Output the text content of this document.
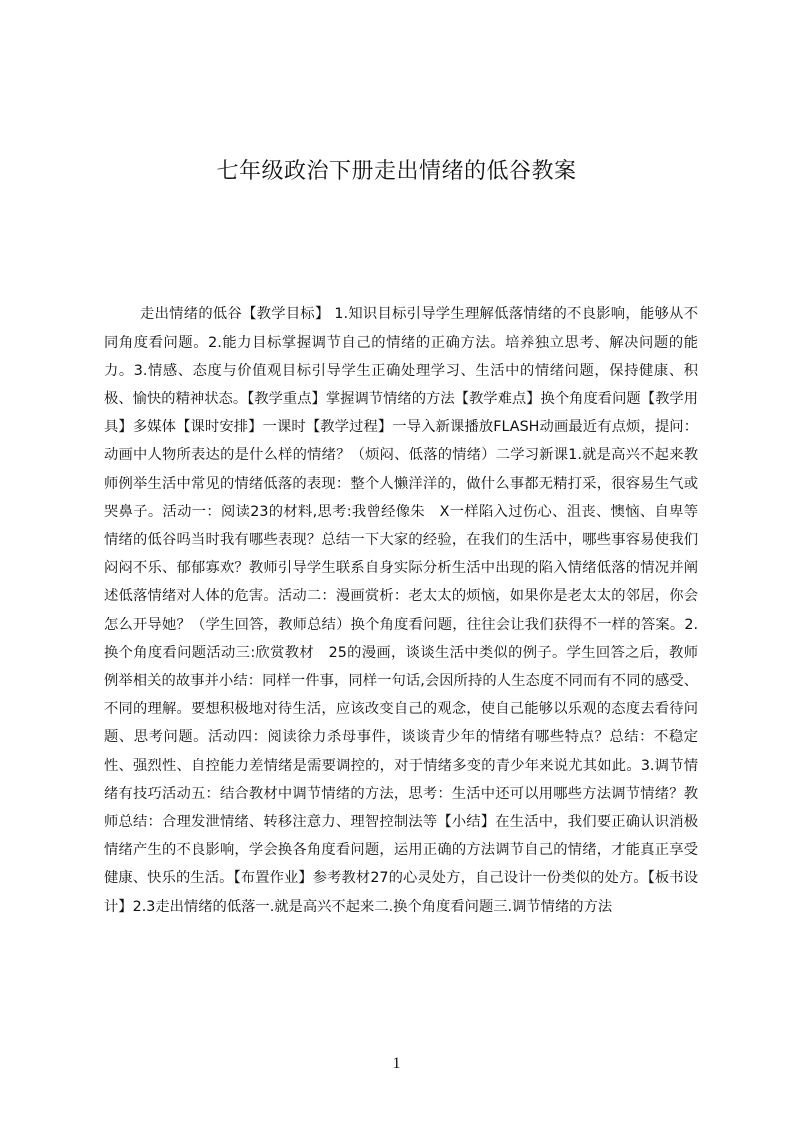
七年级政治下册走出情绪的低谷教案

走出情绪的低谷【教学目标】 1.知识目标引导学生理解低落情绪的不良影响，能够从不同角度看问题。2.能力目标掌握调节自己的情绪的正确方法。培养独立思考、解决问题的能力。3.情感、态度与价值观目标引导学生正确处理学习、生活中的情绪问题，保持健康、积极、愉快的精神状态。【教学重点】掌握调节情绪的方法【教学难点】换个角度看问题【教学用具】多媒体【课时安排】一课时【教学过程】一导入新课播放FLASH动画最近有点烦，提问：动画中人物所表达的是什么样的情绪？（烦闷、低落的情绪）二学习新课1.就是高兴不起来教师例举生活中常见的情绪低落的表现：整个人懒洋洋的，做什么事都无精打采，很容易生气或哭鼻子。活动一：阅读23的材料,思考:我曾经像朱　X一样陷入过伤心、沮丧、懊恼、自卑等情绪的低谷吗当时我有哪些表现？总结一下大家的经验，在我们的生活中，哪些事容易使我们闷闷不乐、郁郁寡欢？教师引导学生联系自身实际分析生活中出现的陷入情绪低落的情况并阐述低落情绪对人体的危害。活动二：漫画赏析：老太太的烦恼，如果你是老太太的邻居，你会怎么开导她？（学生回答，教师总结）换个角度看问题，往往会让我们获得不一样的答案。2.换个角度看问题活动三:欣赏教材　25的漫画，谈谈生活中类似的例子。学生回答之后，教师例举相关的故事并小结：同样一件事，同样一句话,会因所持的人生态度不同而有不同的感受、不同的理解。要想积极地对待生活，应该改变自己的观念，使自己能够以乐观的态度去看待问题、思考问题。活动四：阅读徐力杀母事件，谈谈青少年的情绪有哪些特点？总结：不稳定性、强烈性、自控能力差情绪是需要调控的，对于情绪多变的青少年来说尤其如此。3.调节情绪有技巧活动五：结合教材中调节情绪的方法，思考：生活中还可以用哪些方法调节情绪？教师总结：合理发泄情绪、转移注意力、理智控制法等【小结】在生活中，我们要正确认识消极情绪产生的不良影响，学会换各角度看问题，运用正确的方法调节自己的情绪，才能真正享受健康、快乐的生活。【布置作业】参考教材27的心灵处方，自己设计一份类似的处方。【板书设计】2.3走出情绪的低落一.就是高兴不起来二.换个角度看问题三.调节情绪的方法

1
